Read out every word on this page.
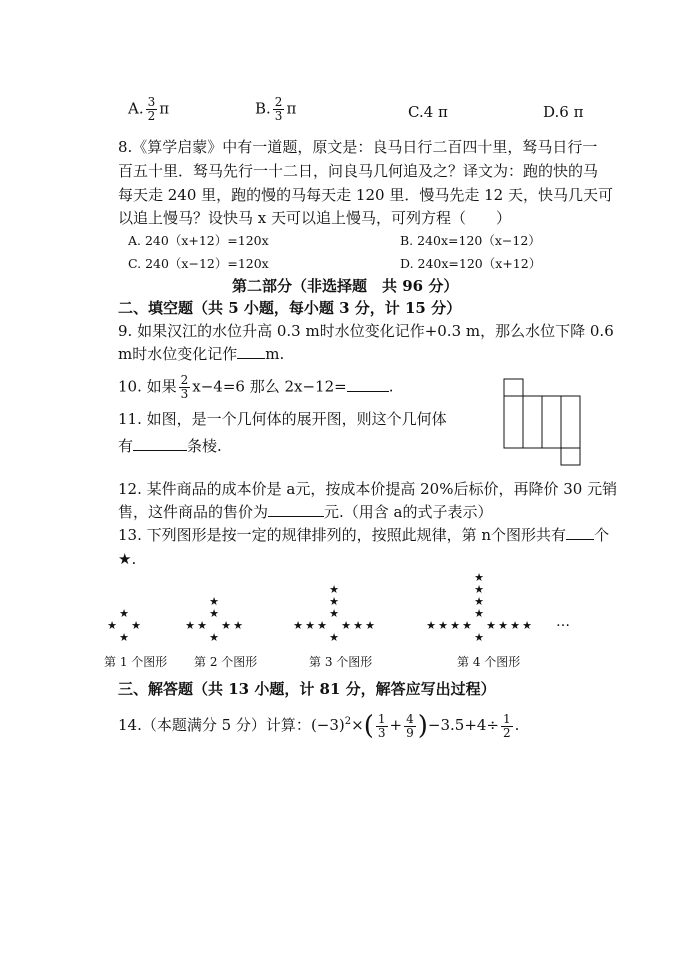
A. $\frac{3}{2}$ π	B. $\frac{2}{3}$ π	C.4 π	D.6 π
8.《算学启蒙》中有一道题，原文是：良马日行二百四十里，驽马日行一
百五十里．驽马先行一十二日，问良马几何追及之？译文为：跑的快的马
每天走 240 里，跑的慢的马每天走 120 里．慢马先走 12 天，快马几天可
以追上慢马？设快马 x 天可以追上慢马，可列方程（　　）
A. 240（x+12）=120x	B. 240x=120（x−12）
C. 240（x−12）=120x	D. 240x=120（x+12）
第二部分（非选择题　共 96 分）
二、填空题（共 5 小题，每小题 3 分，计 15 分）
9. 如果汉江的水位升高 0.3 m时水位变化记作+0.3 m，那么水位下降 0.6
m时水位变化记作 m.
10. 如果 $\frac{2}{3} x-4=6$ 那么 2x−12=	.
11. 如图，是一个几何体的展开图，则这个几何体
有	条棱.
12. 某件商品的成本价是 a元，按成本价提高 20%后标价，再降价 30 元销
售，这件商品的售价为	元.（用含 a的式子表示）
13. 下列图形是按一定的规律排列的，按照此规律，第 n个图形共有 个
★.
★
★ ★
★
★
★
★ ★
★	★
★
★
★
★
★ ★
★	★
★	★
★
★
★
★
★
★ ★
★	★
★	★
★	★
★
…
第 1 个图形 第 2 个图形	第 3 个图形	第 4 个图形
三、解答题（共 13 小题，计 81 分，解答应写出过程）
14.（本题满分 5 分）计算：$(-3)^2\times( \frac{1}{3} + \frac{4}{9} )-3.5+4\div \frac{1}{2}$ .
